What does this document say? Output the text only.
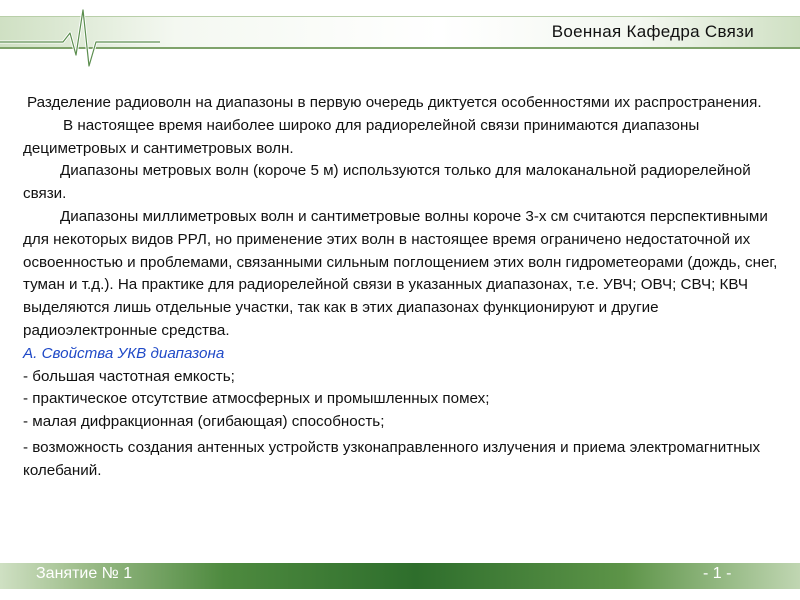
Военная Кафедра Связи

Разделение радиоволн на диапазоны в первую очередь диктуется особенностями их распространения.

В настоящее время наиболее широко для радиорелейной связи принимаются диапазоны дециметровых и сантиметровых волн.

Диапазоны метровых волн (короче 5 м) используются только для малоканальной радиорелейной связи.

Диапазоны миллиметровых волн и сантиметровые волны короче 3-х см считаются перспективными для некоторых видов РРЛ, но применение этих волн в настоящее время ограничено недостаточной их освоенностью и проблемами, связанными сильным поглощением этих волн гидрометеорами (дождь, снег, туман и т.д.). На практике для радиорелейной связи в указанных диапазонах, т.е. УВЧ; ОВЧ; СВЧ; КВЧ выделяются лишь отдельные участки, так как в этих диапазонах функционируют и другие радиоэлектронные средства.

А. Свойства УКВ диапазона

- большая частотная емкость;

- практическое отсутствие атмосферных и промышленных помех;

- малая дифракционная (огибающая) способность;

- возможность создания антенных устройств узконаправленного излучения и приема электромагнитных колебаний.

Занятие № 1	- 1 -
